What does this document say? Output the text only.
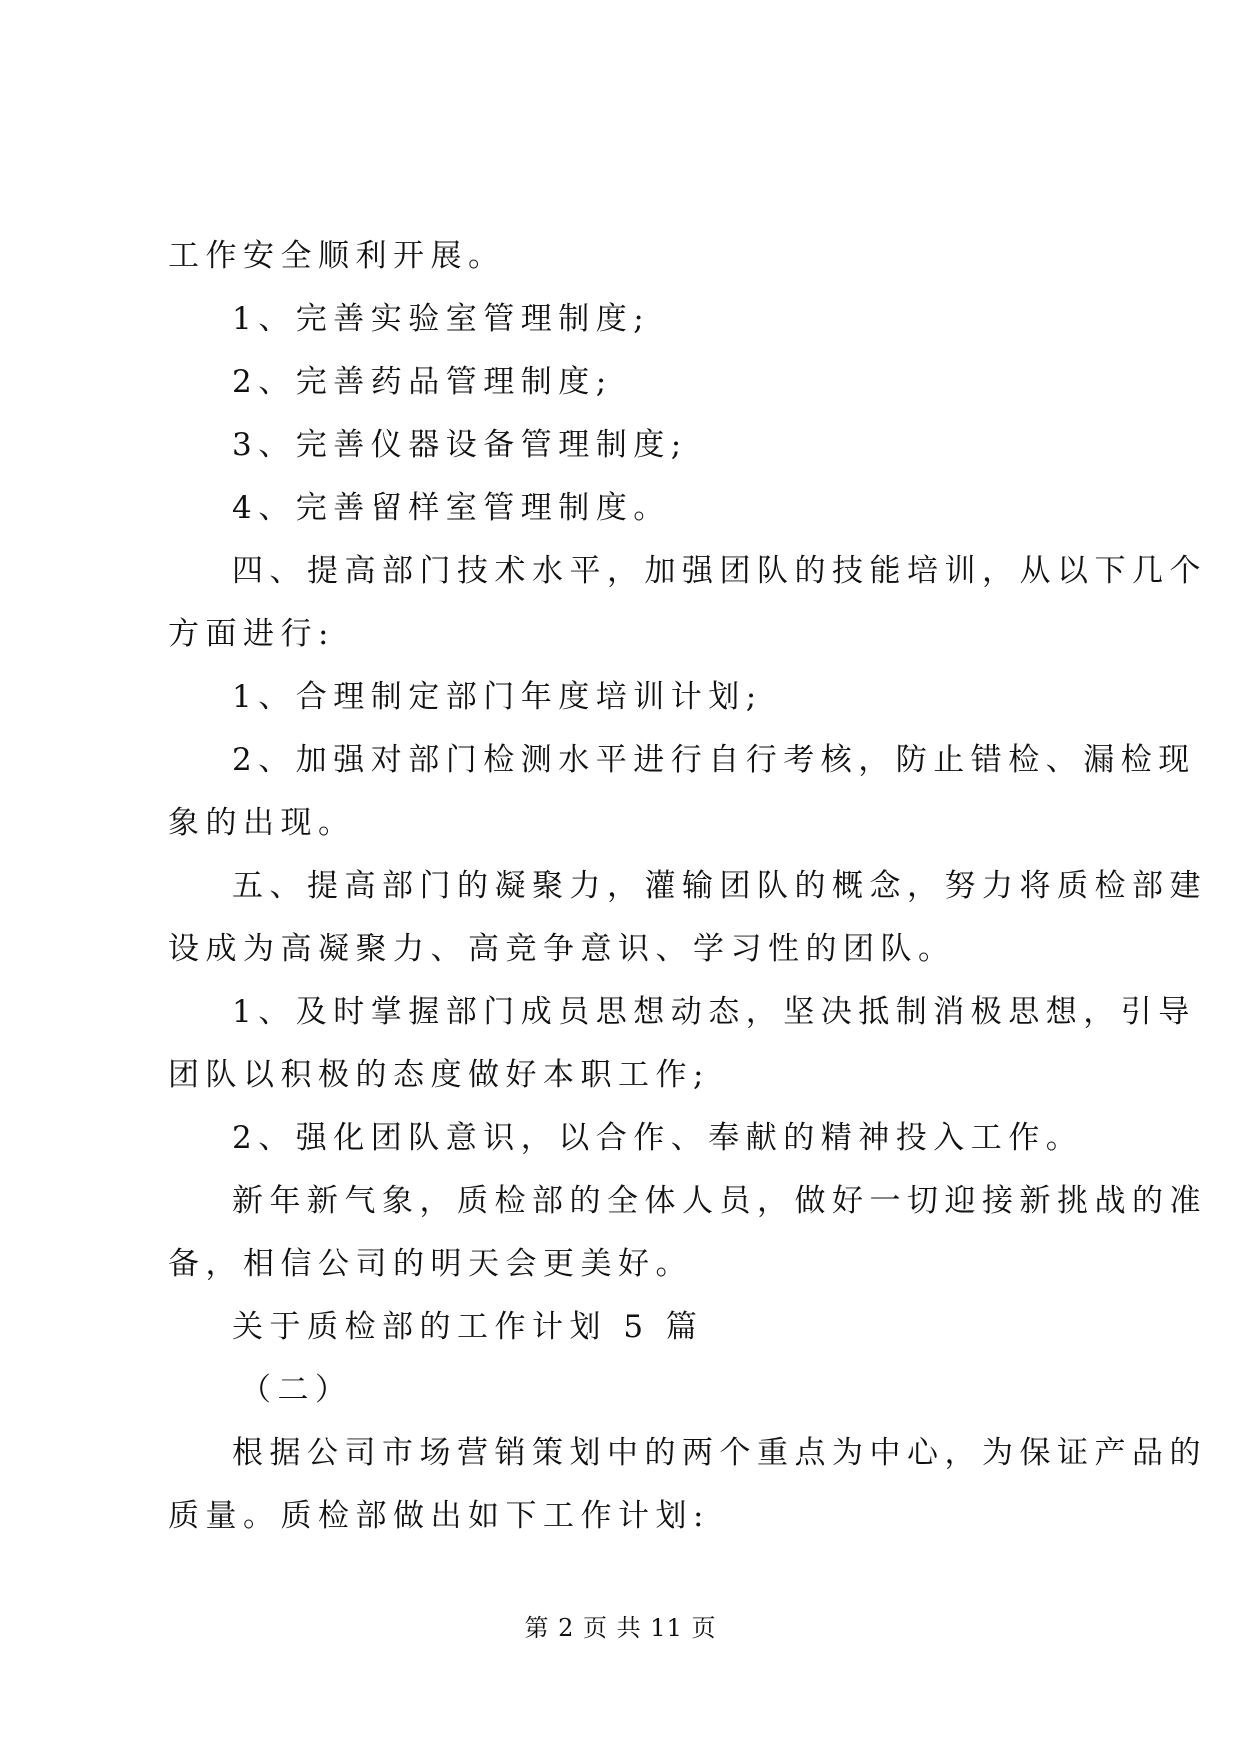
工作安全顺利开展。
1、完善实验室管理制度;
2、完善药品管理制度;
3、完善仪器设备管理制度;
4、完善留样室管理制度。
四、提高部门技术水平，加强团队的技能培训，从以下几个
方面进行:
1、合理制定部门年度培训计划;
2、加强对部门检测水平进行自行考核，防止错检、漏检现
象的出现。
五、提高部门的凝聚力，灌输团队的概念，努力将质检部建
设成为高凝聚力、高竞争意识、学习性的团队。
1、及时掌握部门成员思想动态，坚决抵制消极思想，引导
团队以积极的态度做好本职工作;
2、强化团队意识，以合作、奉献的精神投入工作。
新年新气象，质检部的全体人员，做好一切迎接新挑战的准
备，相信公司的明天会更美好。
关于质检部的工作计划 5 篇
（二）
根据公司市场营销策划中的两个重点为中心，为保证产品的
质量。质检部做出如下工作计划:
第 2 页 共 11 页
